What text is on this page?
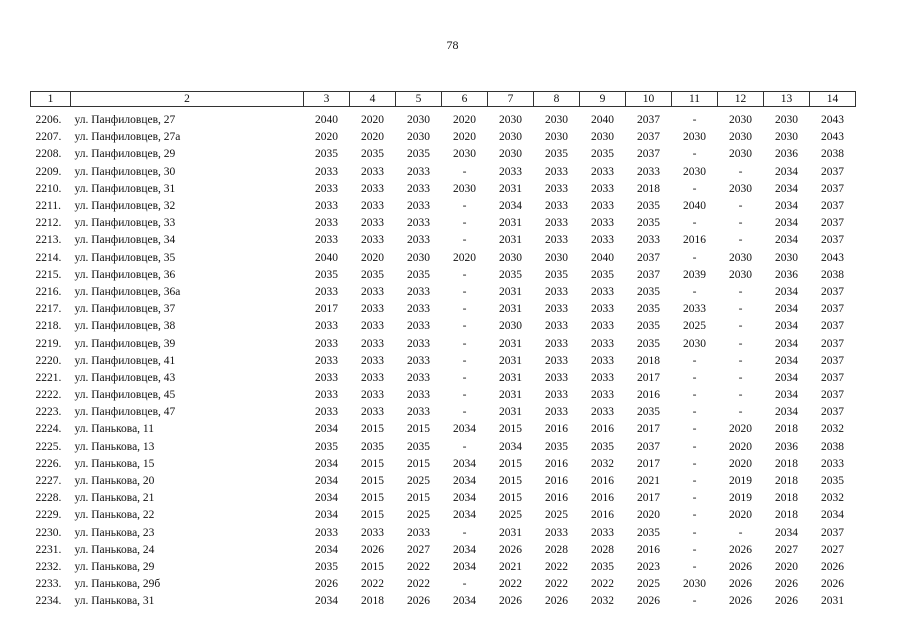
78
1	2	3	4	5	6	7	8	9	10	11	12	13	14

2206.	ул. Панфиловцев, 27	2040	2020	2030	2020	2030	2030	2040	2037	-	2030	2030	2043
2207.	ул. Панфиловцев, 27а	2020	2020	2030	2020	2030	2030	2030	2037	2030	2030	2030	2043
2208.	ул. Панфиловцев, 29	2035	2035	2035	2030	2030	2035	2035	2037	-	2030	2036	2038
2209.	ул. Панфиловцев, 30	2033	2033	2033	-	2033	2033	2033	2033	2030	-	2034	2037
2210.	ул. Панфиловцев, 31	2033	2033	2033	2030	2031	2033	2033	2018	-	2030	2034	2037
2211.	ул. Панфиловцев, 32	2033	2033	2033	-	2034	2033	2033	2035	2040	-	2034	2037
2212.	ул. Панфиловцев, 33	2033	2033	2033	-	2031	2033	2033	2035	-	-	2034	2037
2213.	ул. Панфиловцев, 34	2033	2033	2033	-	2031	2033	2033	2033	2016	-	2034	2037
2214.	ул. Панфиловцев, 35	2040	2020	2030	2020	2030	2030	2040	2037	-	2030	2030	2043
2215.	ул. Панфиловцев, 36	2035	2035	2035	-	2035	2035	2035	2037	2039	2030	2036	2038
2216.	ул. Панфиловцев, 36а	2033	2033	2033	-	2031	2033	2033	2035	-	-	2034	2037
2217.	ул. Панфиловцев, 37	2017	2033	2033	-	2031	2033	2033	2035	2033	-	2034	2037
2218.	ул. Панфиловцев, 38	2033	2033	2033	-	2030	2033	2033	2035	2025	-	2034	2037
2219.	ул. Панфиловцев, 39	2033	2033	2033	-	2031	2033	2033	2035	2030	-	2034	2037
2220.	ул. Панфиловцев, 41	2033	2033	2033	-	2031	2033	2033	2018	-	-	2034	2037
2221.	ул. Панфиловцев, 43	2033	2033	2033	-	2031	2033	2033	2017	-	-	2034	2037
2222.	ул. Панфиловцев, 45	2033	2033	2033	-	2031	2033	2033	2016	-	-	2034	2037
2223.	ул. Панфиловцев, 47	2033	2033	2033	-	2031	2033	2033	2035	-	-	2034	2037
2224.	ул. Панькова, 11	2034	2015	2015	2034	2015	2016	2016	2017	-	2020	2018	2032
2225.	ул. Панькова, 13	2035	2035	2035	-	2034	2035	2035	2037	-	2020	2036	2038
2226.	ул. Панькова, 15	2034	2015	2015	2034	2015	2016	2032	2017	-	2020	2018	2033
2227.	ул. Панькова, 20	2034	2015	2025	2034	2015	2016	2016	2021	-	2019	2018	2035
2228.	ул. Панькова, 21	2034	2015	2015	2034	2015	2016	2016	2017	-	2019	2018	2032
2229.	ул. Панькова, 22	2034	2015	2025	2034	2025	2025	2016	2020	-	2020	2018	2034
2230.	ул. Панькова, 23	2033	2033	2033	-	2031	2033	2033	2035	-	-	2034	2037
2231.	ул. Панькова, 24	2034	2026	2027	2034	2026	2028	2028	2016	-	2026	2027	2027
2232.	ул. Панькова, 29	2035	2015	2022	2034	2021	2022	2035	2023	-	2026	2020	2026
2233.	ул. Панькова, 29б	2026	2022	2022	-	2022	2022	2022	2025	2030	2026	2026	2026
2234.	ул. Панькова, 31	2034	2018	2026	2034	2026	2026	2032	2026	-	2026	2026	2031
